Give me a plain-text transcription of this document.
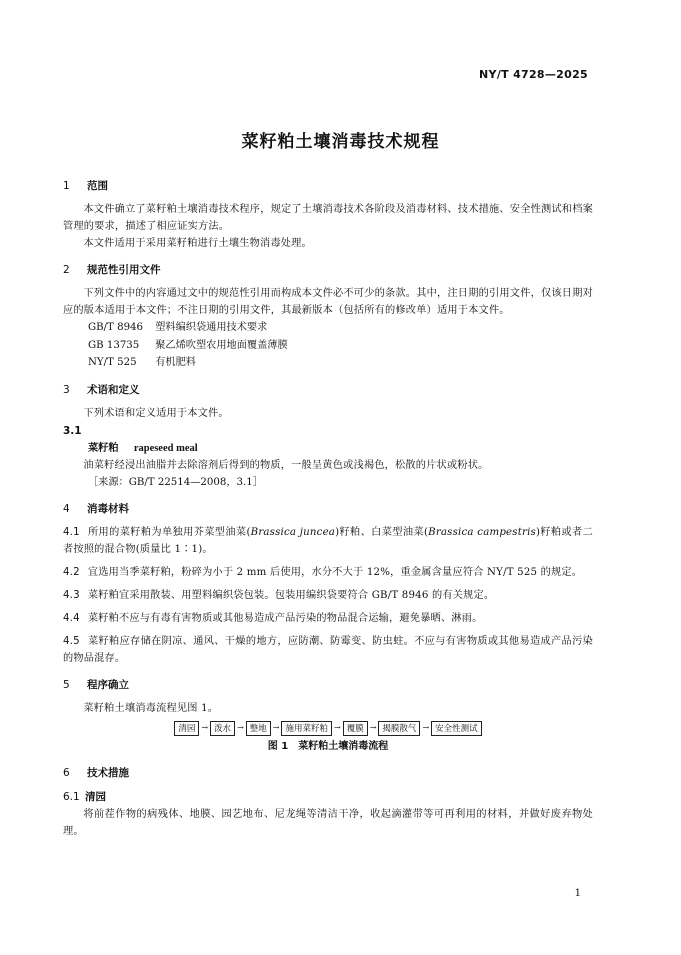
NY/T 4728—2025
菜籽粕土壤消毒技术规程
1	范围

本文件确立了菜籽粕土壤消毒技术程序，规定了土壤消毒技术各阶段及消毒材料、技术措施、安全性测试和档案管理的要求，描述了相应证实方法。

本文件适用于采用菜籽粕进行土壤生物消毒处理。

2	规范性引用文件

下列文件中的内容通过文中的规范性引用而构成本文件必不可少的条款。其中，注日期的引用文件，仅该日期对应的版本适用于本文件；不注日期的引用文件，其最新版本（包括所有的修改单）适用于本文件。

GB/T 8946 塑料编织袋通用技术要求
GB 13735 聚乙烯吹塑农用地面覆盖薄膜
NY/T 525 有机肥料
3	术语和定义

下列术语和定义适用于本文件。

3.1
菜籽粕 rapeseed meal

油菜籽经浸出油脂并去除溶剂后得到的物质，一般呈黄色或浅褐色，松散的片状或粉状。

［来源：GB/T 22514—2008，3.1］
4	消毒材料

4.1 所用的菜籽粕为单独用芥菜型油菜(Brassica juncea)籽粕、白菜型油菜(Brassica campestris)籽粕或者二者按照的混合物(质量比 1∶1)。

4.2 宜选用当季菜籽粕，粉碎为小于 2 mm 后使用，水分不大于 12%，重金属含量应符合 NY/T 525 的规定。

4.3 菜籽粕宜采用散装、用塑料编织袋包装。包装用编织袋要符合 GB/T 8946 的有关规定。

4.4 菜籽粕不应与有毒有害物质或其他易造成产品污染的物品混合运输，避免暴晒、淋雨。

4.5 菜籽粕应存储在阴凉、通风、干燥的地方，应防潮、防霉变、防虫蛀。不应与有害物质或其他易造成产品污染的物品混存。

5	程序确立

菜籽粕土壤消毒流程见图 1。

清园 → 泼水 → 整地 → 施用菜籽粕 → 覆膜 → 揭膜散气 → 安全性测试
图 1　菜籽粕土壤消毒流程
6	技术措施
6.1 清园

将前茬作物的病残体、地膜、园艺地布、尼龙绳等清洁干净，收起滴灌带等可再利用的材料，并做好废弃物处理。

1
